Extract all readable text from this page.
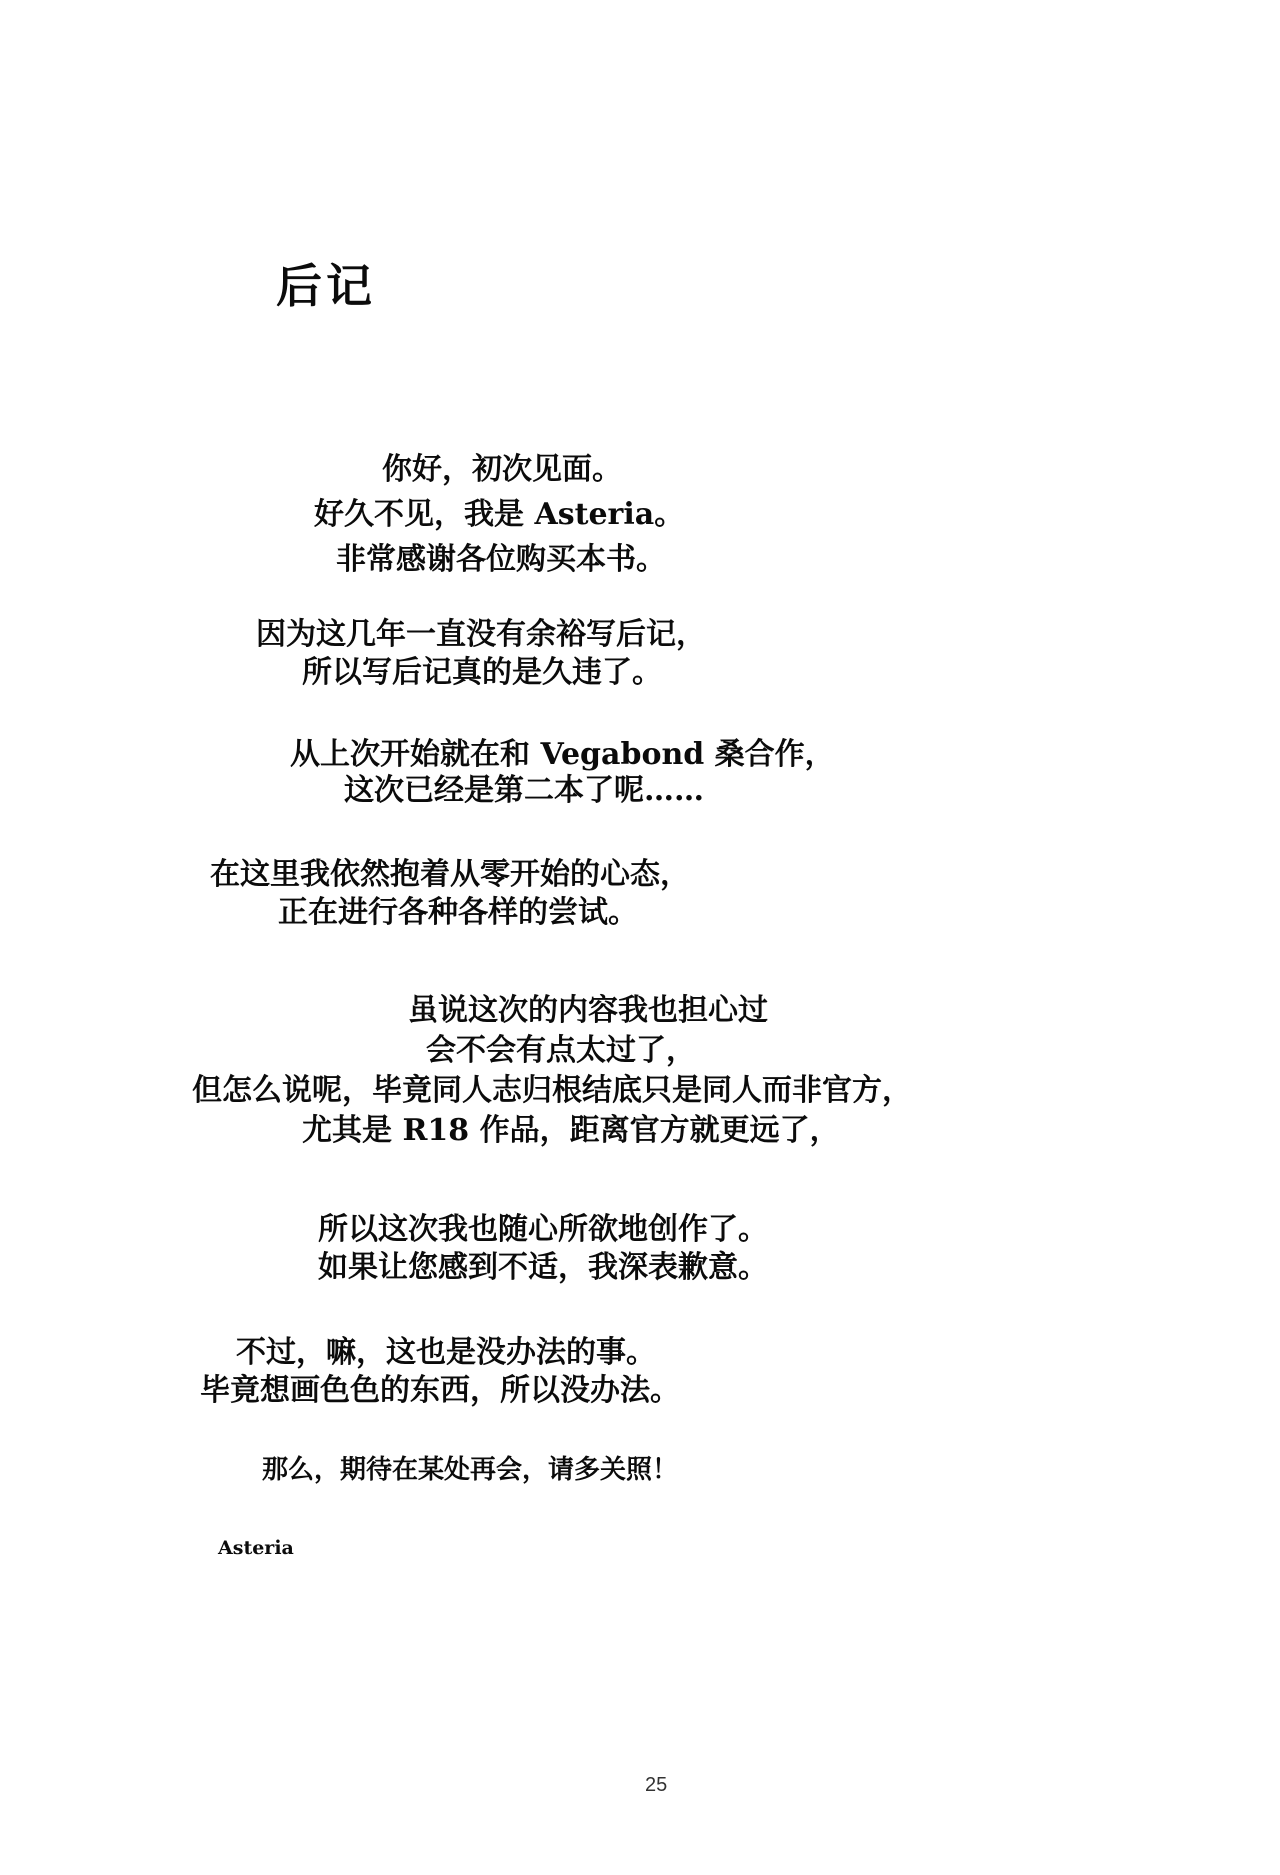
后记
你好，初次见面。
好久不见，我是 Asteria。
非常感谢各位购买本书。
因为这几年一直没有余裕写后记，
所以写后记真的是久违了。
从上次开始就在和 Vegabond 桑合作，
这次已经是第二本了呢……
在这里我依然抱着从零开始的心态，
正在进行各种各样的尝试。
虽说这次的内容我也担心过
会不会有点太过了，
但怎么说呢，毕竟同人志归根结底只是同人而非官方，
尤其是 R18 作品，距离官方就更远了，
所以这次我也随心所欲地创作了。
如果让您感到不适，我深表歉意。
不过，嘛，这也是没办法的事。
毕竟想画色色的东西，所以没办法。
那么，期待在某处再会，请多关照！
Asteria
25
